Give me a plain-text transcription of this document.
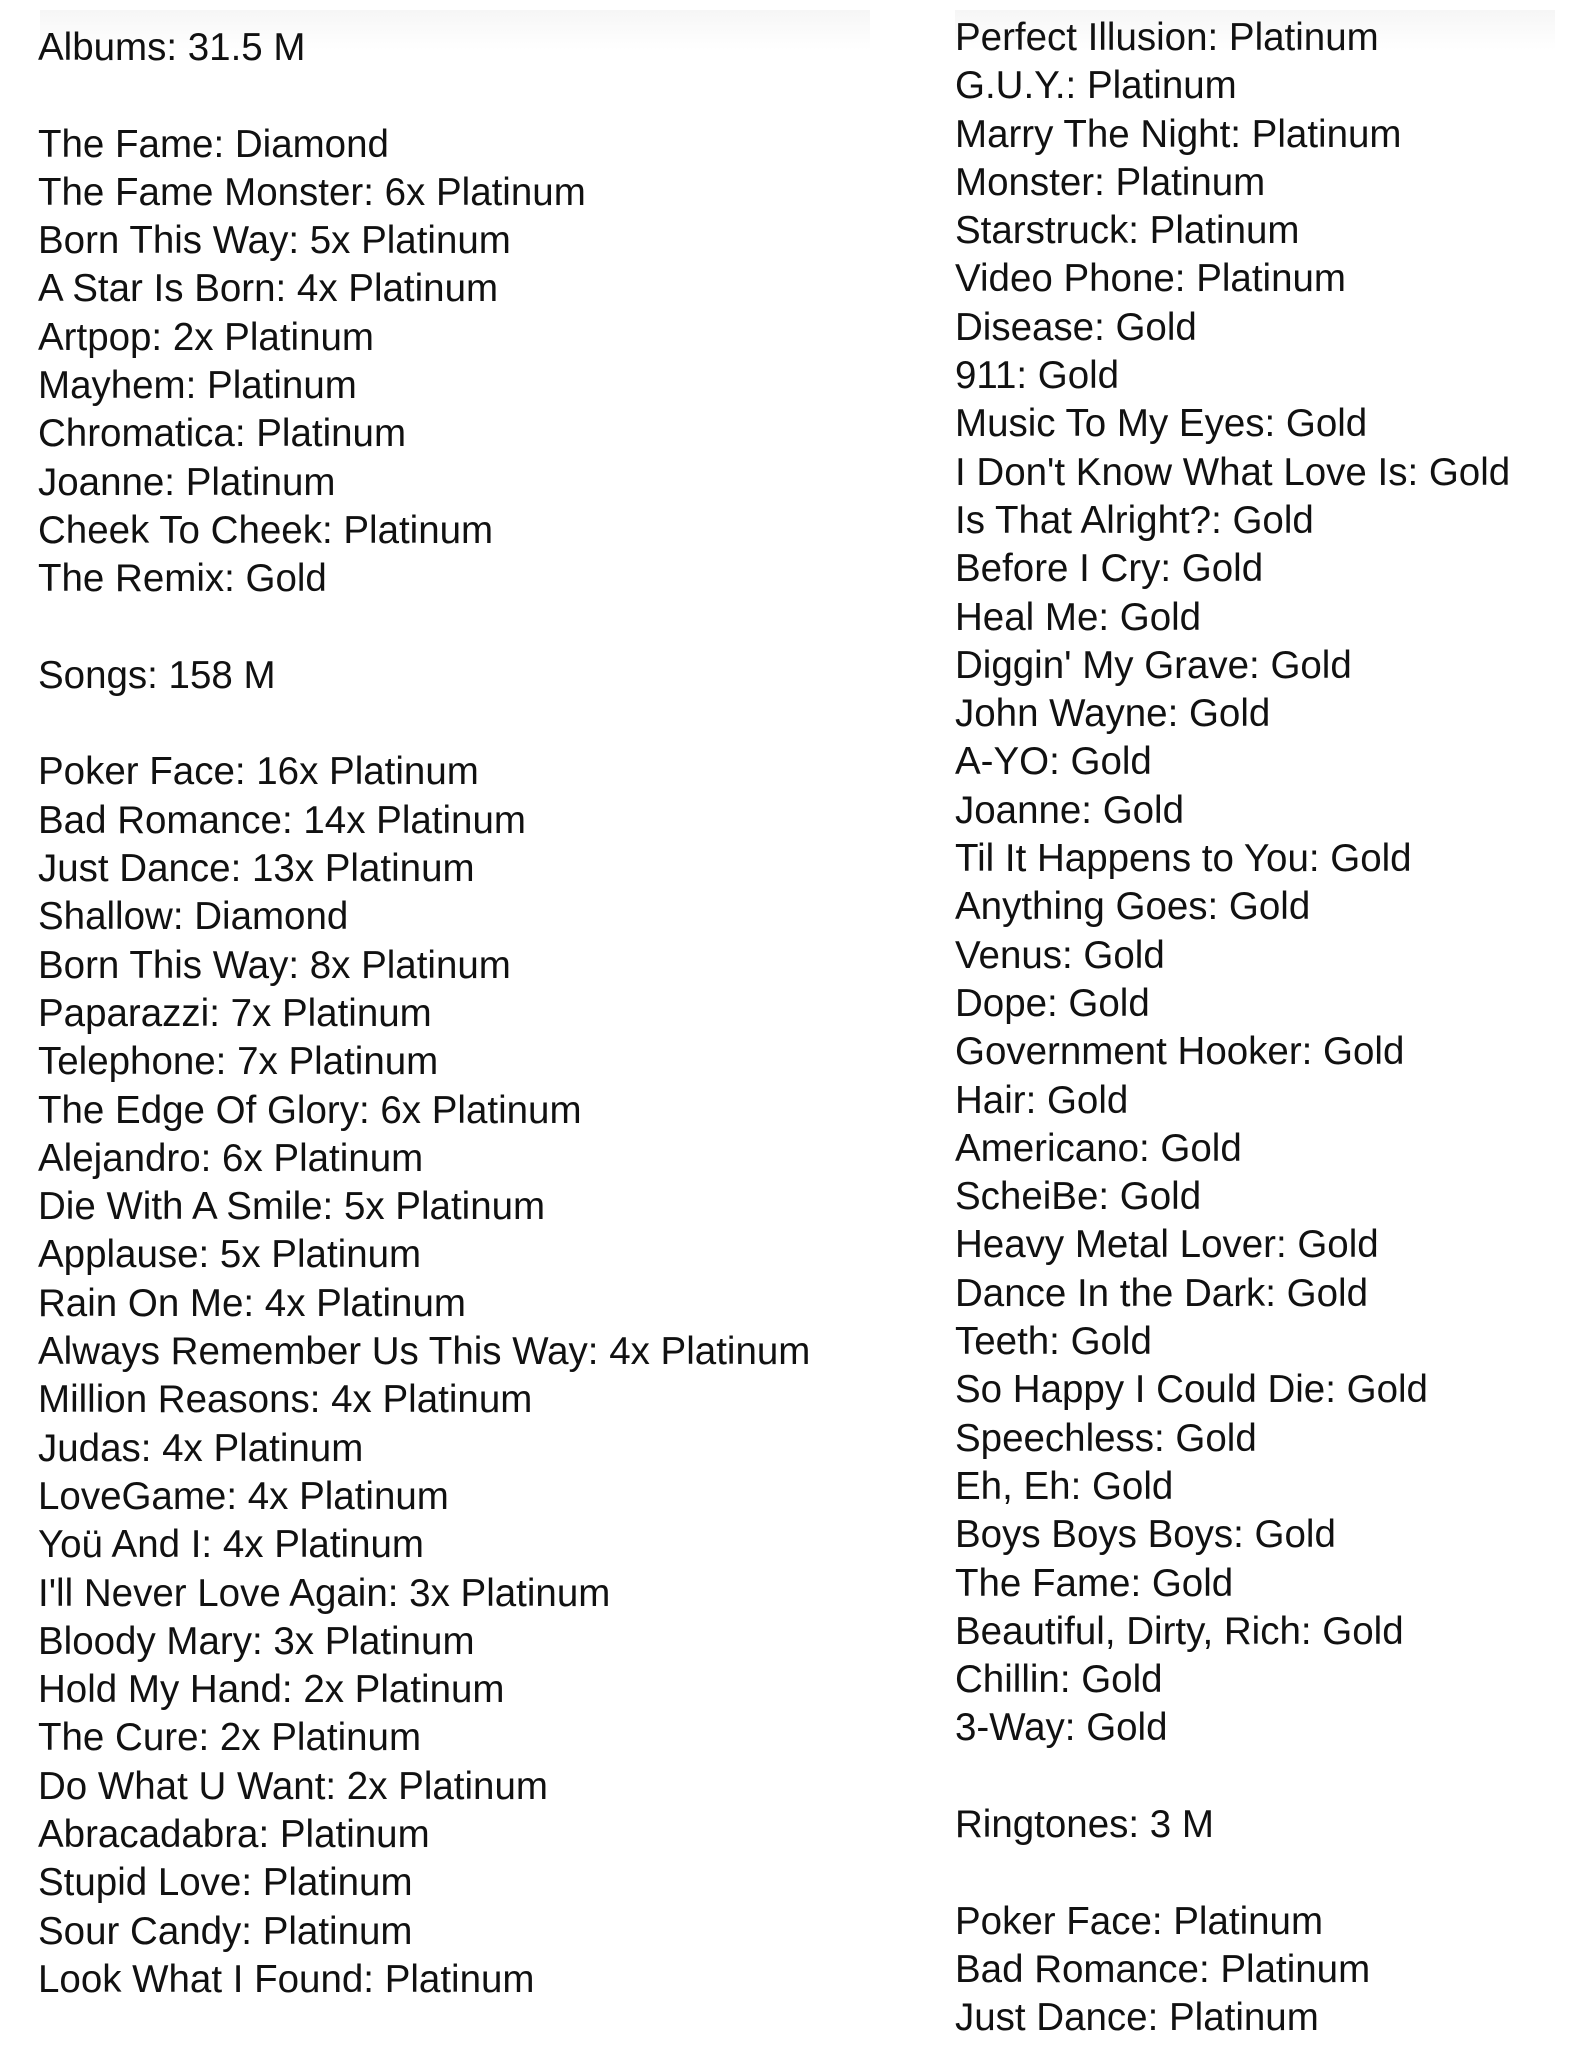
Albums: 31.5 M
The Fame: Diamond
The Fame Monster: 6x Platinum
Born This Way: 5x Platinum
A Star Is Born: 4x Platinum
Artpop: 2x Platinum
Mayhem: Platinum
Chromatica: Platinum
Joanne: Platinum
Cheek To Cheek: Platinum
The Remix: Gold
Songs: 158 M
Poker Face: 16x Platinum
Bad Romance: 14x Platinum
Just Dance: 13x Platinum
Shallow: Diamond
Born This Way: 8x Platinum
Paparazzi: 7x Platinum
Telephone: 7x Platinum
The Edge Of Glory: 6x Platinum
Alejandro: 6x Platinum
Die With A Smile: 5x Platinum
Applause: 5x Platinum
Rain On Me: 4x Platinum
Always Remember Us This Way: 4x Platinum
Million Reasons: 4x Platinum
Judas: 4x Platinum
LoveGame: 4x Platinum
Yoü And I: 4x Platinum
I'll Never Love Again: 3x Platinum
Bloody Mary: 3x Platinum
Hold My Hand: 2x Platinum
The Cure: 2x Platinum
Do What U Want: 2x Platinum
Abracadabra: Platinum
Stupid Love: Platinum
Sour Candy: Platinum
Look What I Found: Platinum
Perfect Illusion: Platinum
G.U.Y.: Platinum
Marry The Night: Platinum
Monster: Platinum
Starstruck: Platinum
Video Phone: Platinum
Disease: Gold
911: Gold
Music To My Eyes: Gold
I Don't Know What Love Is: Gold
Is That Alright?: Gold
Before I Cry: Gold
Heal Me: Gold
Diggin' My Grave: Gold
John Wayne: Gold
A-YO: Gold
Joanne: Gold
Til It Happens to You: Gold
Anything Goes: Gold
Venus: Gold
Dope: Gold
Government Hooker: Gold
Hair: Gold
Americano: Gold
ScheiBe: Gold
Heavy Metal Lover: Gold
Dance In the Dark: Gold
Teeth: Gold
So Happy I Could Die: Gold
Speechless: Gold
Eh, Eh: Gold
Boys Boys Boys: Gold
The Fame: Gold
Beautiful, Dirty, Rich: Gold
Chillin: Gold
3-Way: Gold
Ringtones: 3 M
Poker Face: Platinum
Bad Romance: Platinum
Just Dance: Platinum
